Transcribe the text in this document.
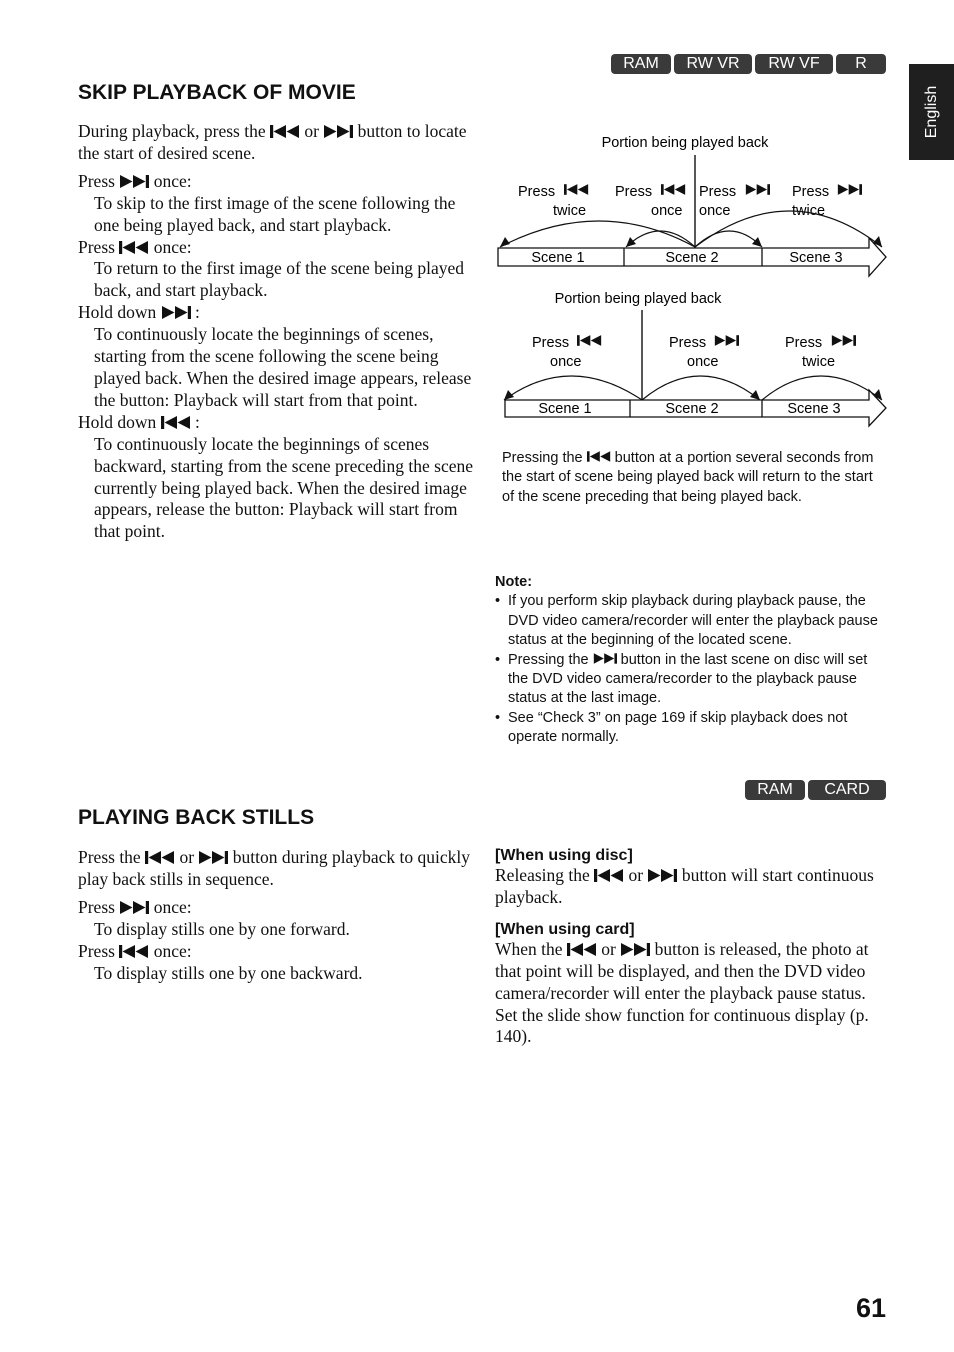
RAM	RW VR	RW VF	R
English
SKIP PLAYBACK OF MOVIE
During playback, press the or button to locate the start of desired scene.
Press once:
To skip to the first image of the scene following the one being played back, and start playback.
Press once:
To return to the first image of the scene being played back, and start playback.
Hold down :
To continuously locate the beginnings of scenes, starting from the scene following the scene being played back. When the desired image appears, release the button: Playback will start from that point.
Hold down :
To continuously locate the beginnings of scenes backward, starting from the scene preceding the scene currently being played back. When the desired image appears, release the button: Playback will start from that point.
Portion being played back
Press
twice
Press
once
Press
once
Press
twice
Scene 1	Scene 2	Scene 3
Portion being played back
Press
once
Press
once
Press
twice
Scene 1	Scene 2	Scene 3
Pressing the button at a portion several seconds from the start of scene being played back will return to the start of the scene preceding that being played back.
Note:
• If you perform skip playback during playback pause, the DVD video camera/recorder will enter the playback pause status at the beginning of the located scene.
• Pressing the button in the last scene on disc will set the DVD video camera/recorder to the playback pause status at the last image.
• See “Check 3” on page 169 if skip playback does not operate normally.
RAM	CARD
PLAYING BACK STILLS
Press the or button during playback to quickly play back stills in sequence.
Press once:
To display stills one by one forward.
Press once:
To display stills one by one backward.
[When using disc]
Releasing the or button will start continuous playback.
[When using card]
When the or button is released, the photo at that point will be displayed, and then the DVD video camera/recorder will enter the playback pause status.
Set the slide show function for continuous display (p. 140).
61
